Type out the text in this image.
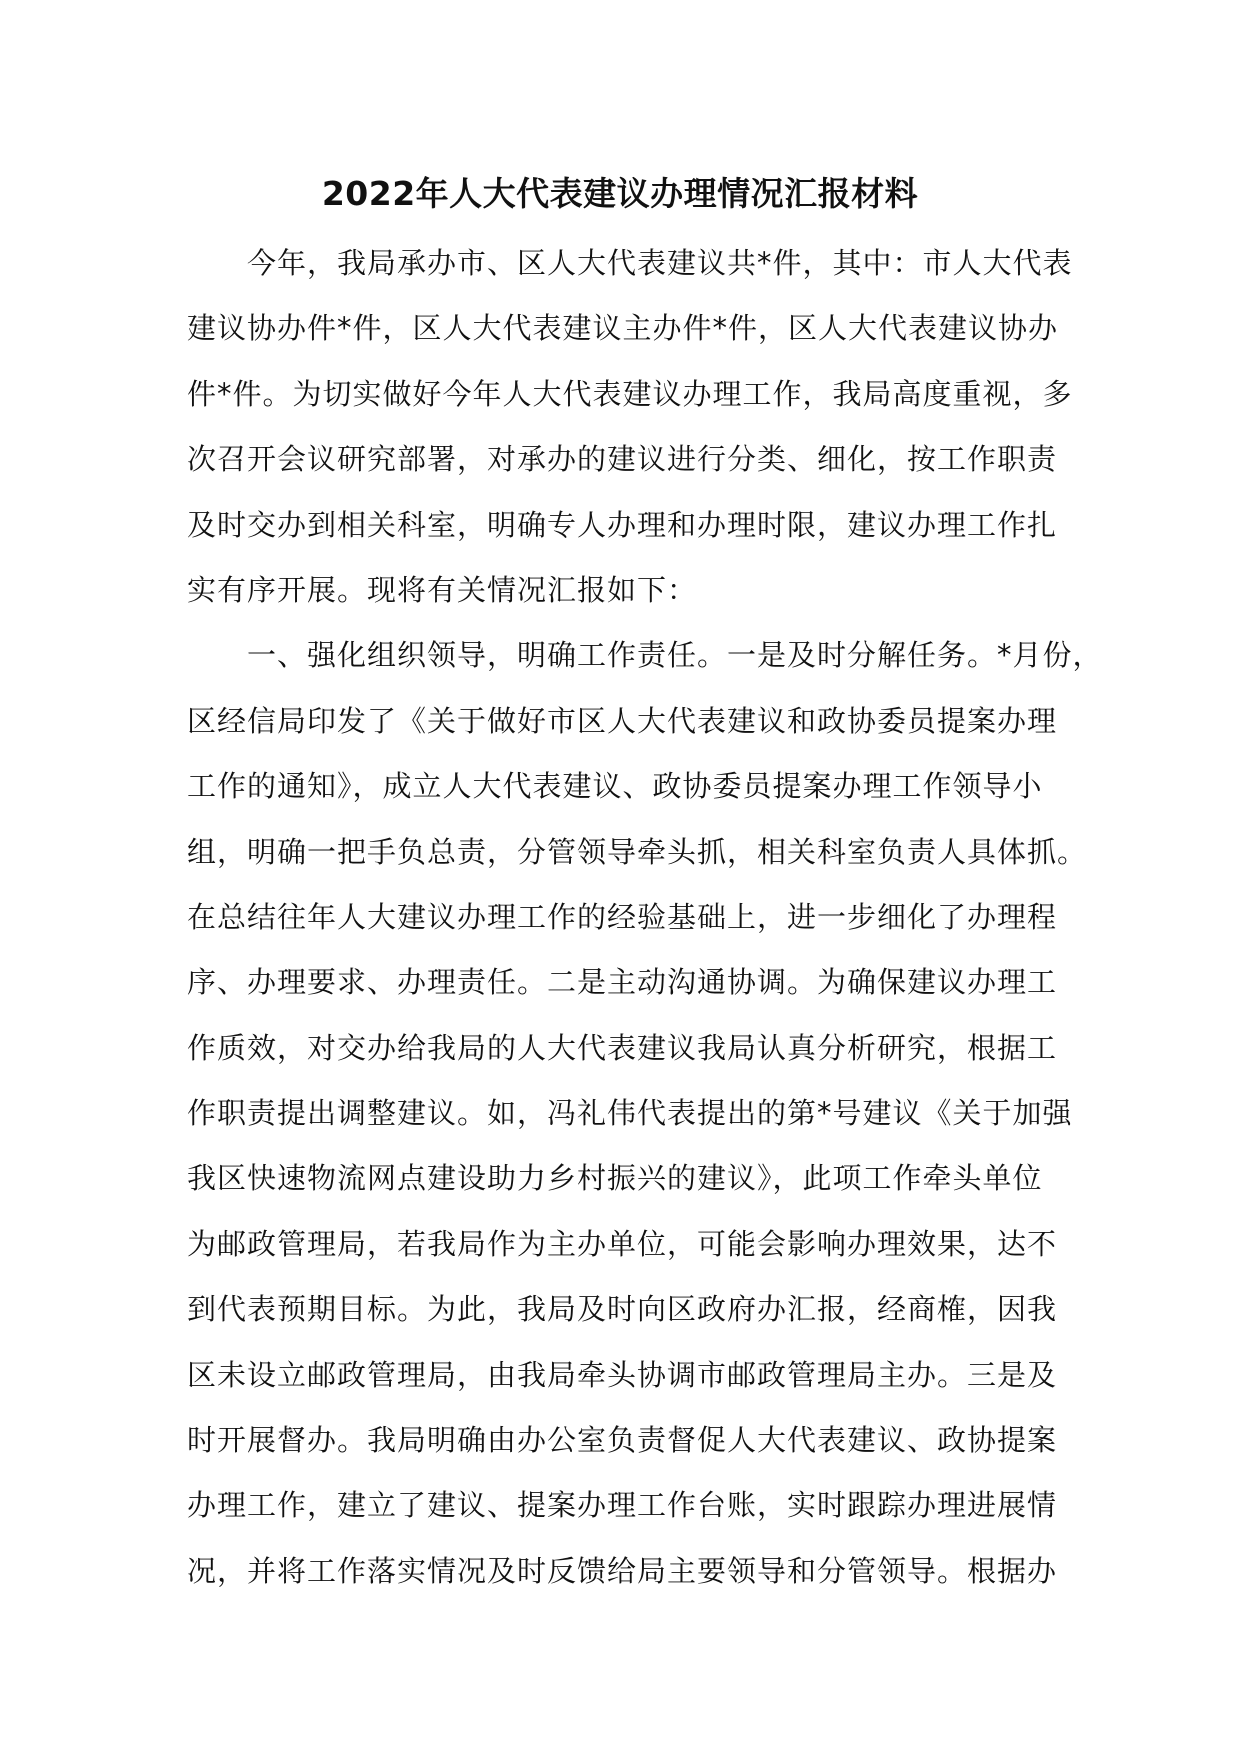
2022年人大代表建议办理情况汇报材料
　　今年，我局承办市、区人大代表建议共*件，其中：市人大代表
建议协办件*件，区人大代表建议主办件*件，区人大代表建议协办
件*件。为切实做好今年人大代表建议办理工作，我局高度重视，多
次召开会议研究部署，对承办的建议进行分类、细化，按工作职责
及时交办到相关科室，明确专人办理和办理时限，建议办理工作扎
实有序开展。现将有关情况汇报如下：
　　一、强化组织领导，明确工作责任。一是及时分解任务。*月份，
区经信局印发了《关于做好市区人大代表建议和政协委员提案办理
工作的通知》，成立人大代表建议、政协委员提案办理工作领导小
组，明确一把手负总责，分管领导牵头抓，相关科室负责人具体抓。
在总结往年人大建议办理工作的经验基础上，进一步细化了办理程
序、办理要求、办理责任。二是主动沟通协调。为确保建议办理工
作质效，对交办给我局的人大代表建议我局认真分析研究，根据工
作职责提出调整建议。如，冯礼伟代表提出的第*号建议《关于加强
我区快速物流网点建设助力乡村振兴的建议》，此项工作牵头单位
为邮政管理局，若我局作为主办单位，可能会影响办理效果，达不
到代表预期目标。为此，我局及时向区政府办汇报，经商榷，因我
区未设立邮政管理局，由我局牵头协调市邮政管理局主办。三是及
时开展督办。我局明确由办公室负责督促人大代表建议、政协提案
办理工作，建立了建议、提案办理工作台账，实时跟踪办理进展情
况，并将工作落实情况及时反馈给局主要领导和分管领导。根据办
